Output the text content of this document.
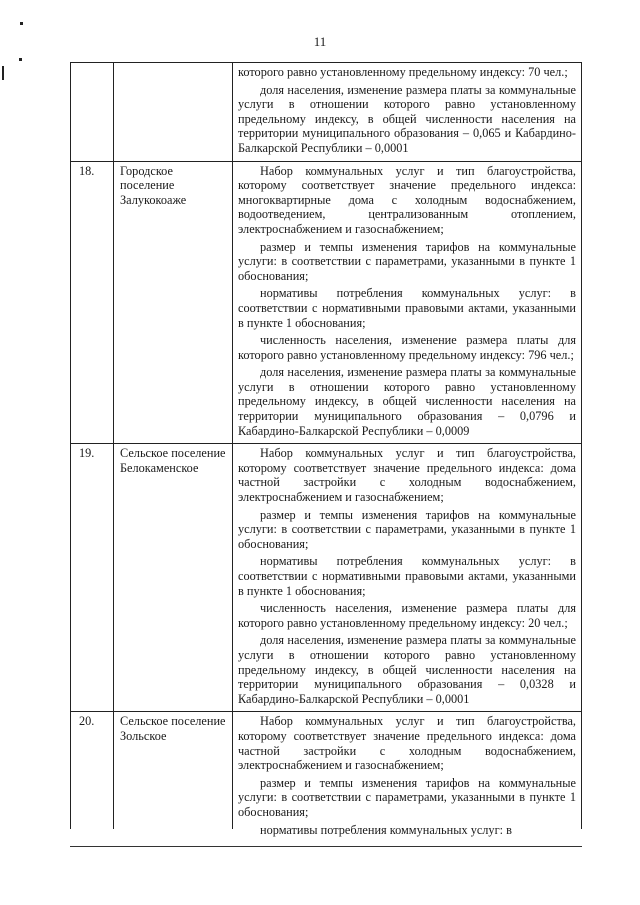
11

		которого равно установленному предельному индексу: 70 чел.;

доля населения, изменение размера платы за коммунальные услуги в отношении которого равно установленному предельному индексу, в общей численности населения на территории муниципального образования – 0,065 и Кабардино-Балкарской Республики – 0,0001

18.	Городское поселение Залукокоаже	Набор коммунальных услуг и тип благоустройства, которому соответствует значение предельного индекса: многоквартирные дома с холодным водоснабжением, водоотведением, централизованным отоплением, электроснабжением и газоснабжением;

размер и темпы изменения тарифов на коммунальные услуги: в соответствии с параметрами, указанными в пункте 1 обоснования;

нормативы потребления коммунальных услуг: в соответствии с нормативными правовыми актами, указанными в пункте 1 обоснования;

численность населения, изменение размера платы для которого равно установленному предельному индексу: 796 чел.;

доля населения, изменение размера платы за коммунальные услуги в отношении которого равно установленному предельному индексу, в общей численности населения на территории муниципального образования – 0,0796 и Кабардино-Балкарской Республики – 0,0009

19.	Сельское поселение Белокаменское	Набор коммунальных услуг и тип благоустройства, которому соответствует значение предельного индекса: дома частной застройки с холодным водоснабжением, электроснабжением и газоснабжением;

размер и темпы изменения тарифов на коммунальные услуги: в соответствии с параметрами, указанными в пункте 1 обоснования;

нормативы потребления коммунальных услуг: в соответствии с нормативными правовыми актами, указанными в пункте 1 обоснования;

численность населения, изменение размера платы для которого равно установленному предельному индексу: 20 чел.;

доля населения, изменение размера платы за коммунальные услуги в отношении которого равно установленному предельному индексу, в общей численности населения на территории муниципального образования – 0,0328 и Кабардино-Балкарской Республики – 0,0001

20.	Сельское поселение Зольское	Набор коммунальных услуг и тип благоустройства, которому соответствует значение предельного индекса: дома частной застройки с холодным водоснабжением, электроснабжением и газоснабжением;

размер и темпы изменения тарифов на коммунальные услуги: в соответствии с параметрами, указанными в пункте 1 обоснования;

нормативы потребления коммунальных услуг: в
